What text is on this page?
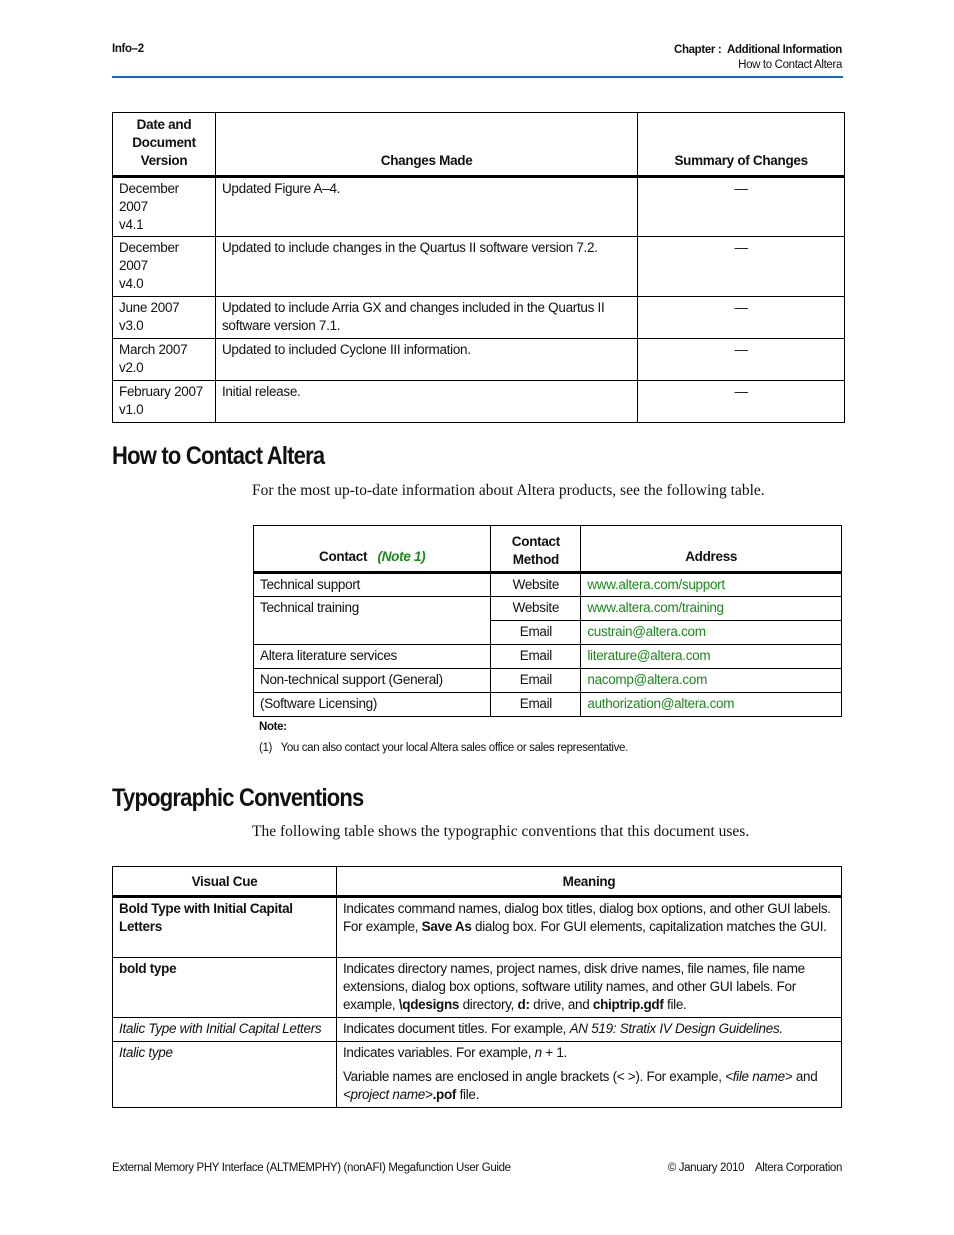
Info–2	Chapter : Additional Information
How to Contact Altera
Date and Document Version	Changes Made	Summary of Changes

December 2007
v4.1	Updated Figure A–4.	—

December 2007
v4.0	Updated to include changes in the Quartus II software version 7.2.	—

June 2007
v3.0	Updated to include Arria GX and changes included in the Quartus II software version 7.1.	—

March 2007
v2.0	Updated to included Cyclone III information.	—

February 2007
v1.0	Initial release.	—
How to Contact Altera
For the most up-to-date information about Altera products, see the following table.
Contact (Note 1)	Contact Method	Address
Technical support	Website	www.altera.com/support
Technical training	Website	www.altera.com/training
	Email	custrain@altera.com
Altera literature services	Email	literature@altera.com
Non-technical support (General)	Email	nacomp@altera.com
(Software Licensing)	Email	authorization@altera.com
Note:
(1) You can also contact your local Altera sales office or sales representative.
Typographic Conventions
The following table shows the typographic conventions that this document uses.
Visual Cue	Meaning
Bold Type with Initial Capital Letters	Indicates command names, dialog box titles, dialog box options, and other GUI labels. For example, Save As dialog box. For GUI elements, capitalization matches the GUI.
bold type	Indicates directory names, project names, disk drive names, file names, file name extensions, dialog box options, software utility names, and other GUI labels. For example, \qdesigns directory, d: drive, and chiptrip.gdf file.
Italic Type with Initial Capital Letters	Indicates document titles. For example, AN 519: Stratix IV Design Guidelines.
Italic type	Indicates variables. For example, n + 1.

Variable names are enclosed in angle brackets (< >). For example, <file name> and <project name>.pof file.

External Memory PHY Interface (ALTMEMPHY) (nonAFI) Megafunction User Guide	© January 2010 Altera Corporation
